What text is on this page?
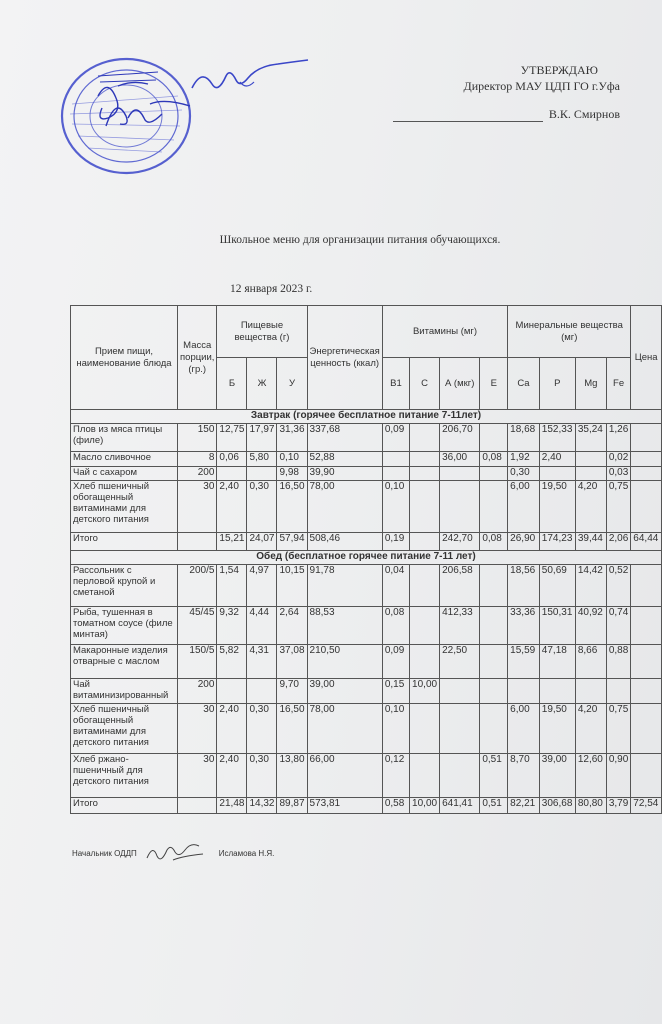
УТВЕРЖДАЮ
Директор МАУ ЦДП ГО г.Уфа
В.К. Смирнов
Школьное меню для организации питания обучающихся.
12 января 2023 г.
Прием пищи, наименование блюда	Масса порции, (гр.)	Пищевые вещества (г)			Энергетическая ценность (ккал)	Витамины (мг)				Минеральные вещества (мг)				Цена
		Б	Ж	У		В1	С	А (мкг)	Е	Ca	P	Mg	Fe	
Завтрак (горячее бесплатное питание 7-11лет)														
Плов из мяса птицы (филе)	150	12,75	17,97	31,36	337,68	0,09		206,70		18,68	152,33	35,24	1,26	
Масло сливочное	8	0,06	5,80	0,10	52,88			36,00	0,08	1,92	2,40		0,02	
Чай с сахаром	200			9,98	39,90					0,30			0,03	
Хлеб пшеничный обогащенный витаминами для детского питания	30	2,40	0,30	16,50	78,00	0,10				6,00	19,50	4,20	0,75	
Итого		15,21	24,07	57,94	508,46	0,19		242,70	0,08	26,90	174,23	39,44	2,06	64,44
Обед (бесплатное горячее питание 7-11 лет)														
Рассольник с перловой крупой и сметаной	200/5	1,54	4,97	10,15	91,78	0,04		206,58		18,56	50,69	14,42	0,52	
Рыба, тушенная в томатном соусе (филе минтая)	45/45	9,32	4,44	2,64	88,53	0,08		412,33		33,36	150,31	40,92	0,74	
Макаронные изделия отварные с маслом	150/5	5,82	4,31	37,08	210,50	0,09		22,50		15,59	47,18	8,66	0,88	
Чай витаминизированный	200			9,70	39,00	0,15	10,00							
Хлеб пшеничный обогащенный витаминами для детского питания	30	2,40	0,30	16,50	78,00	0,10				6,00	19,50	4,20	0,75	
Хлеб ржано-пшеничный для детского питания	30	2,40	0,30	13,80	66,00	0,12			0,51	8,70	39,00	12,60	0,90	
Итого		21,48	14,32	89,87	573,81	0,58	10,00	641,41	0,51	82,21	306,68	80,80	3,79	72,54
Начальник ОДДП	Исламова Н.Я.
